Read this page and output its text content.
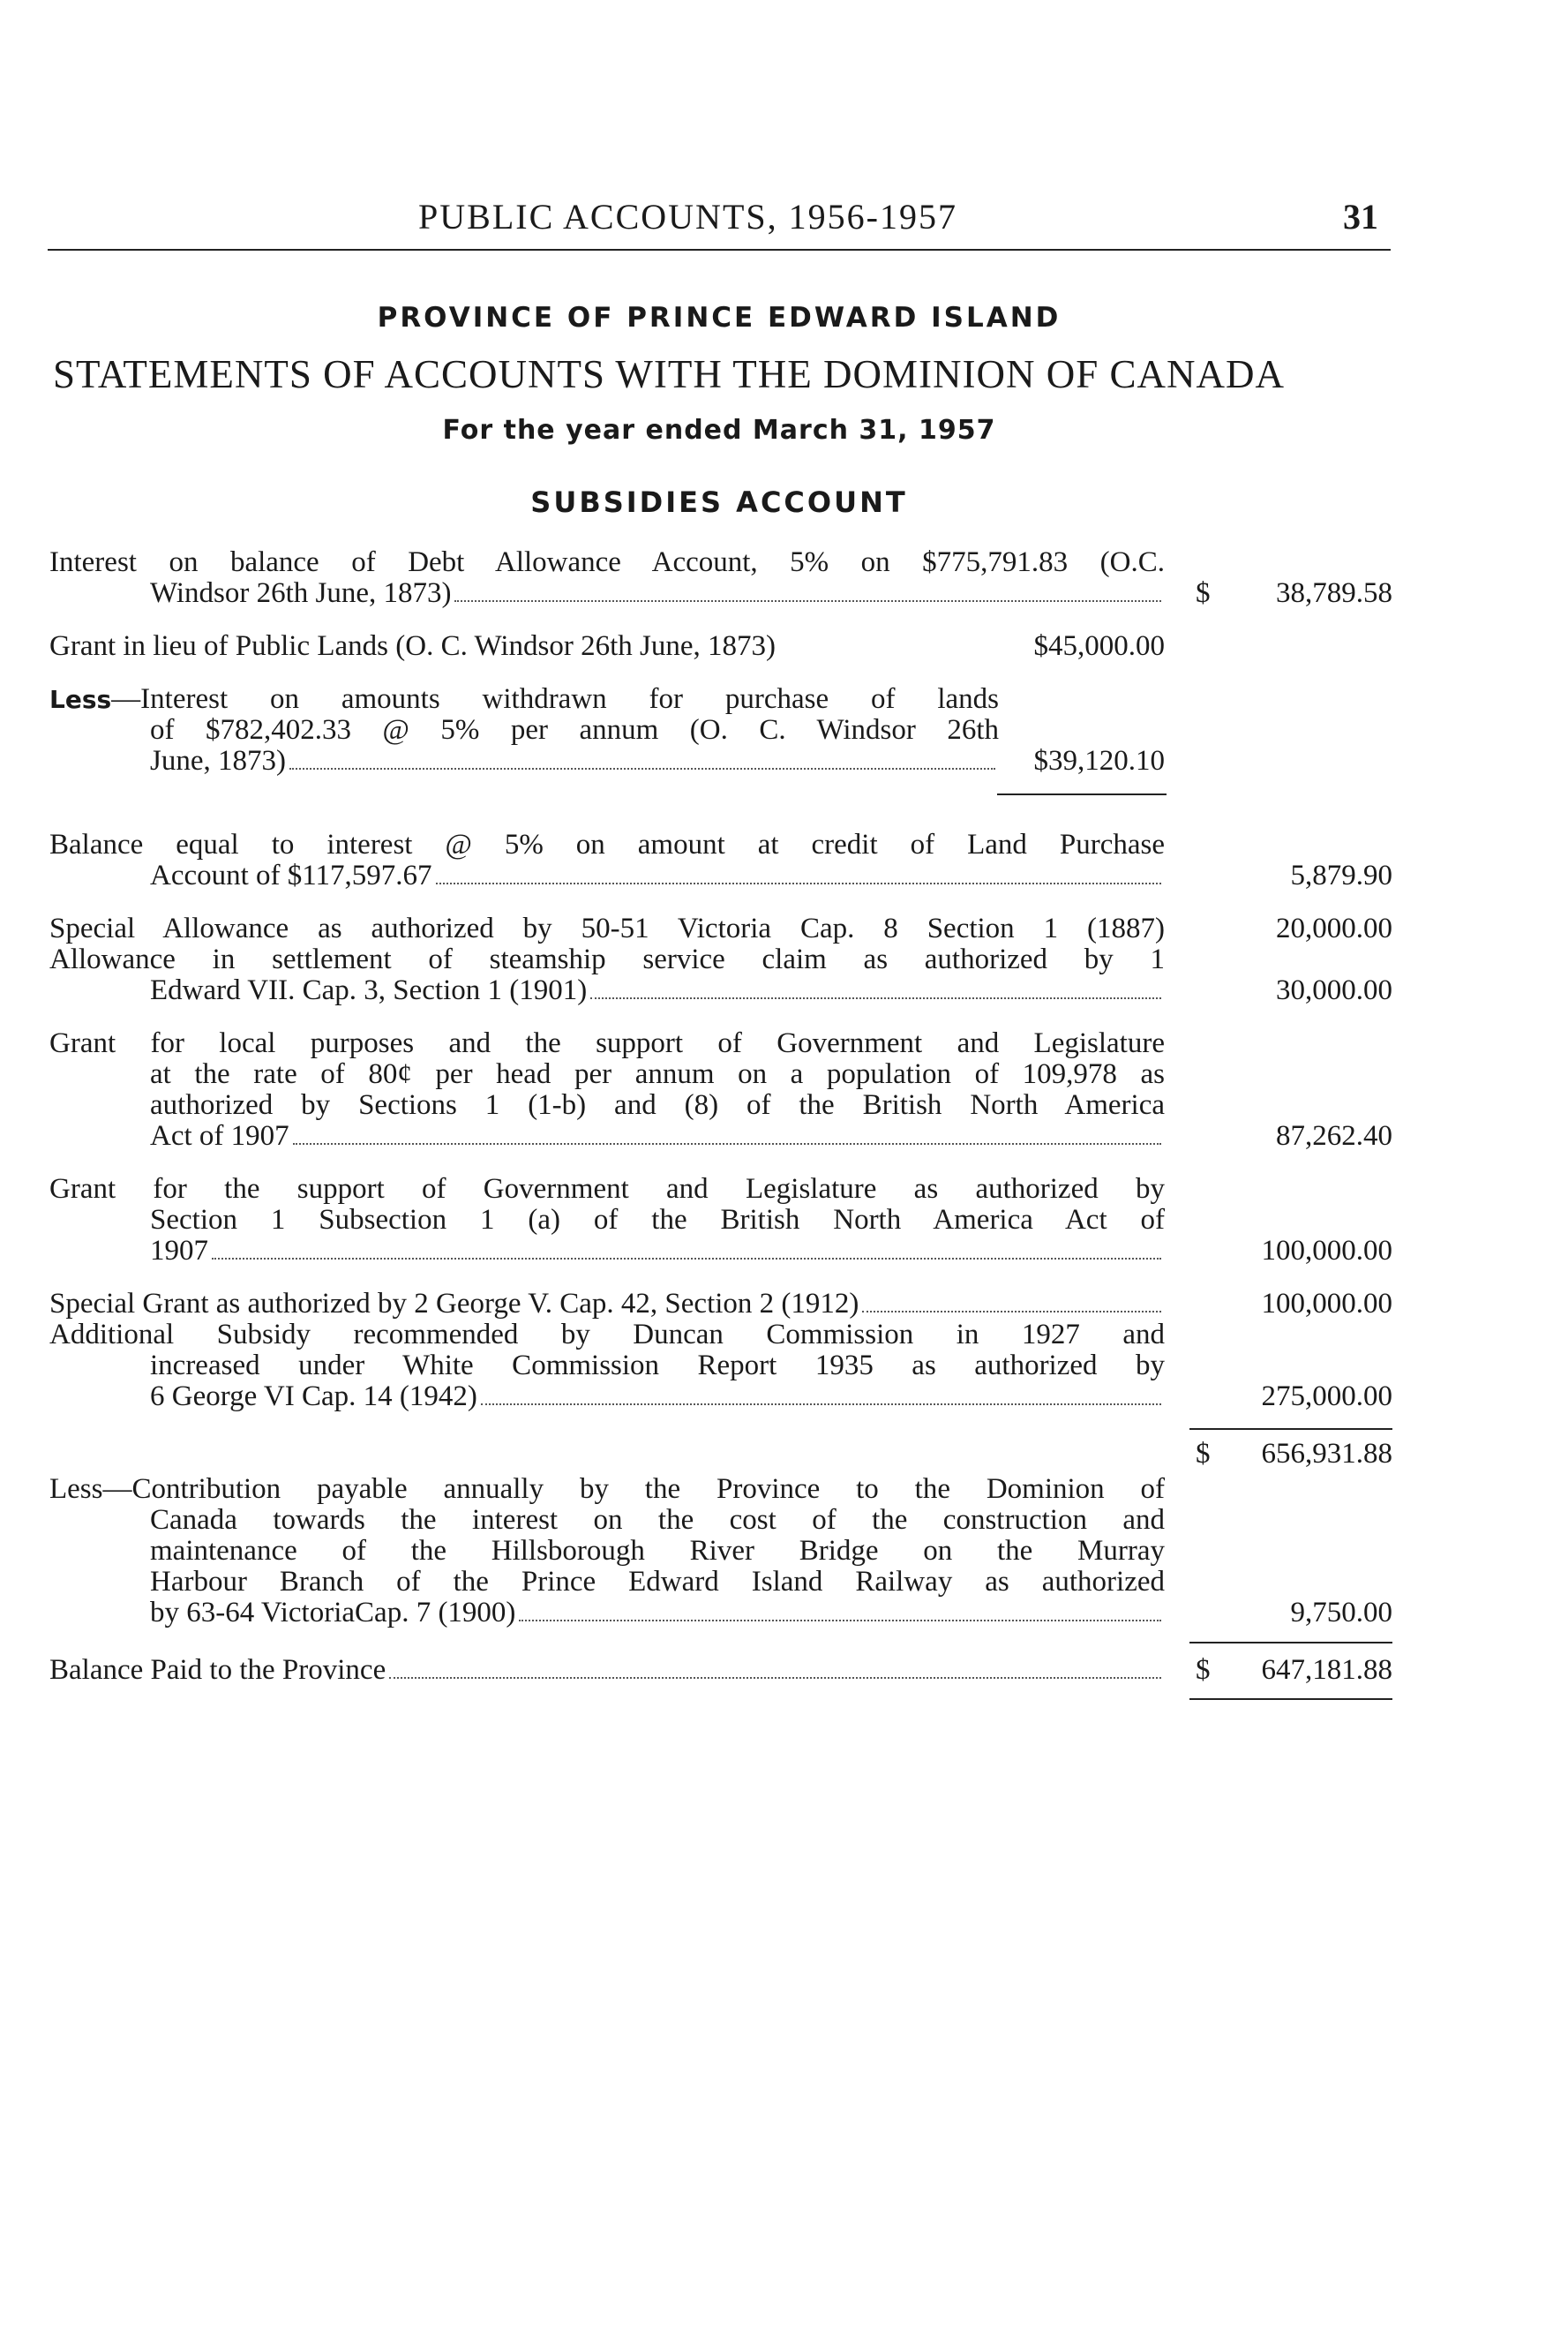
PUBLIC ACCOUNTS, 1956-1957	31
PROVINCE OF PRINCE EDWARD ISLAND
STATEMENTS OF ACCOUNTS WITH THE DOMINION OF CANADA
For the year ended March 31, 1957
SUBSIDIES ACCOUNT
Interest on balance of Debt Allowance Account, 5% on $775,791.83 (O.C.
Windsor 26th June, 1873)	$	38,789.58
Grant in lieu of Public Lands (O. C. Windsor 26th June, 1873)	$45,000.00
Less—Interest on amounts withdrawn for purchase of lands
of $782,402.33 @ 5% per annum (O. C. Windsor 26th
June, 1873)	$39,120.10
Balance equal to interest @ 5% on amount at credit of Land Purchase
Account of $117,597.67	5,879.90
Special Allowance as authorized by 50-51 Victoria Cap. 8 Section 1 (1887)	20,000.00
Allowance in settlement of steamship service claim as authorized by 1
Edward VII. Cap. 3, Section 1 (1901)	30,000.00
Grant for local purposes and the support of Government and Legislature
at the rate of 80¢ per head per annum on a population of 109,978 as
authorized by Sections 1 (1-b) and (8) of the British North America
Act of 1907	87,262.40
Grant for the support of Government and Legislature as authorized by
Section 1 Subsection 1 (a) of the British North America Act of
1907	100,000.00
Special Grant as authorized by 2 George V. Cap. 42, Section 2 (1912)	100,000.00
Additional Subsidy recommended by Duncan Commission in 1927 and
increased under White Commission Report 1935 as authorized by
6 George VI Cap. 14 (1942)	275,000.00
$	656,931.88
Less—Contribution payable annually by the Province to the Dominion of
Canada towards the interest on the cost of the construction and
maintenance of the Hillsborough River Bridge on the Murray
Harbour Branch of the Prince Edward Island Railway as authorized
by 63-64 VictoriaCap. 7 (1900)	9,750.00
Balance Paid to the Province	$	647,181.88
